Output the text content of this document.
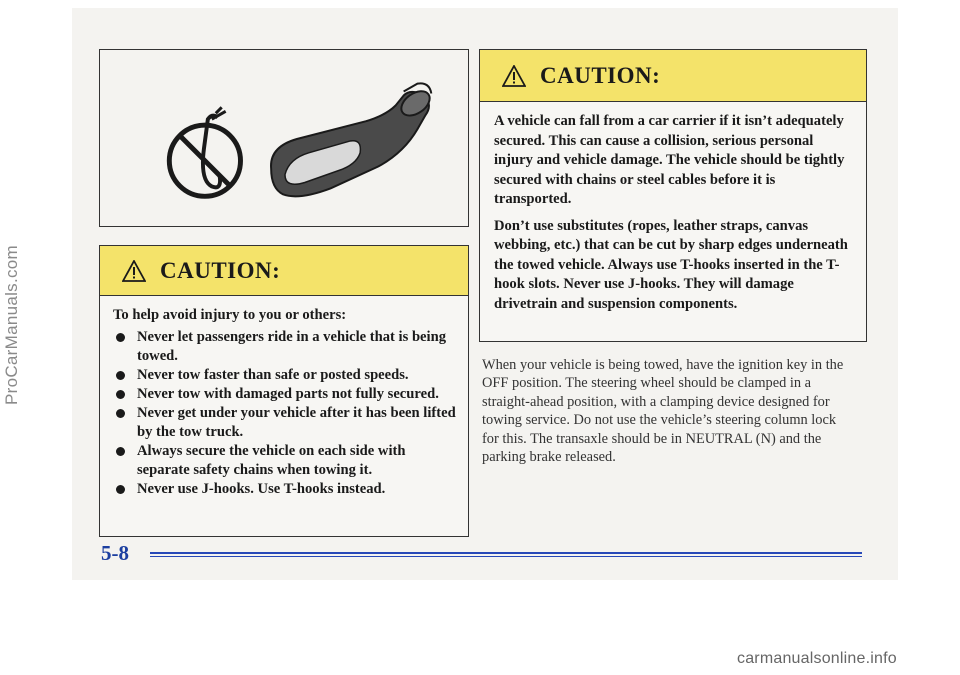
ProCarManuals.com	CAUTION:

To help avoid injury to you or others:

Never let passengers ride in a vehicle that is being towed.
Never tow faster than safe or posted speeds.
Never tow with damaged parts not fully secured.
Never get under your vehicle after it has been lifted by the tow truck.
Always secure the vehicle on each side with separate safety chains when towing it.
Never use J-hooks. Use T-hooks instead.
CAUTION:

A vehicle can fall from a car carrier if it isn’t adequately secured. This can cause a collision, serious personal injury and vehicle damage. The vehicle should be tightly secured with chains or steel cables before it is transported.

Don’t use substitutes (ropes, leather straps, canvas webbing, etc.) that can be cut by sharp edges underneath the towed vehicle. Always use T-hooks inserted in the T-hook slots. Never use J-hooks. They will damage drivetrain and suspension components.

When your vehicle is being towed, have the ignition key in the OFF position. The steering wheel should be clamped in a straight-ahead position, with a clamping device designed for towing service. Do not use the vehicle’s steering column lock for this. The transaxle should be in NEUTRAL (N) and the parking brake released.

5-8
carmanualsonline.info
